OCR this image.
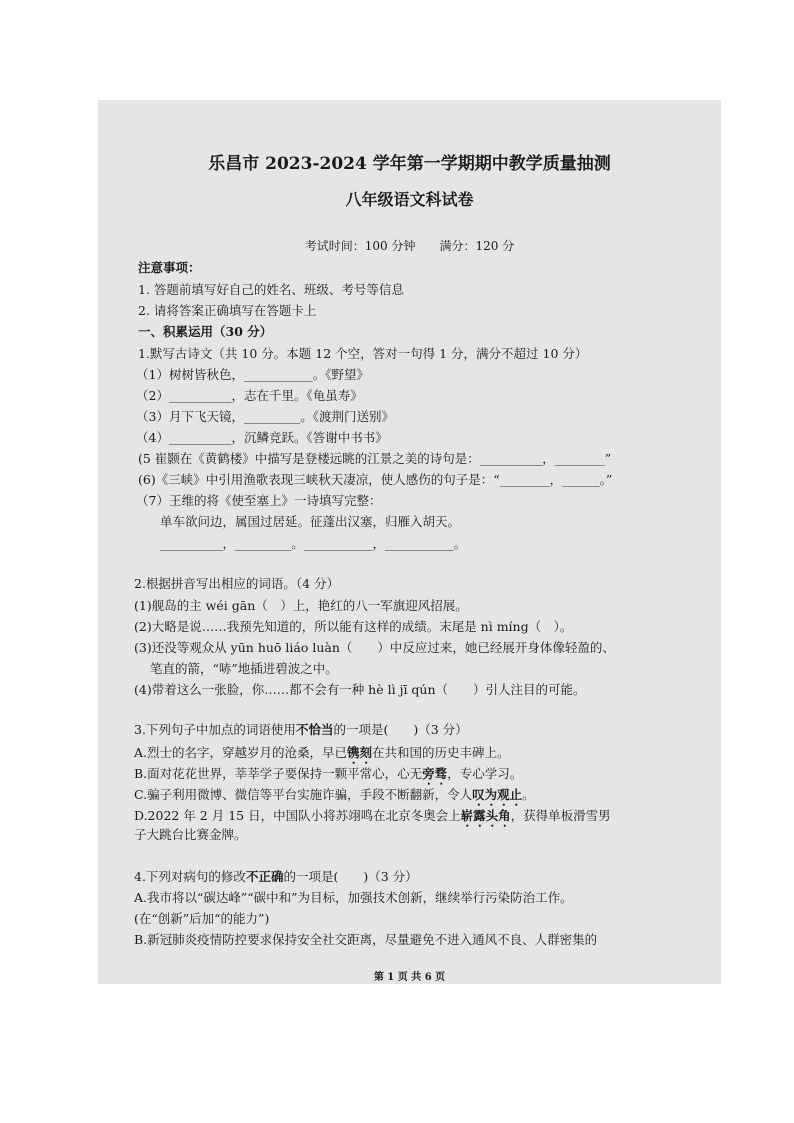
乐昌市 2023-2024 学年第一学期期中教学质量抽测
八年级语文科试卷
考试时间：100 分钟　　满分：120 分
注意事项：
1. 答题前填写好自己的姓名、班级、考号等信息
2. 请将答案正确填写在答题卡上
一、积累运用（30 分）
1.默写古诗文（共 10 分。本题 12 个空，答对一句得 1 分，满分不超过 10 分）
（1）树树皆秋色，___________。《野望》
（2）__________，志在千里。《龟虽寿》
（3）月下飞天镜，_________。《渡荆门送别》
（4）__________，沉鳞竞跃。《答谢中书书》
(5 崔颢在《黄鹤楼》中描写是登楼远眺的江景之美的诗句是：__________，________”
(6)《三峡》中引用渔歌表现三峡秋天凄凉，使人感伤的句子是：“________，______。”
（7）王维的将《使至塞上》一诗填写完整：
单车欲问边，属国过居延。征蓬出汉塞，归雁入胡天。
__________，_________。___________，___________。
2.根据拼音写出相应的词语。（4 分）
(1)舰岛的主 wéi gān（　）上，艳红的八一军旗迎风招展。
(2)大略是说……我预先知道的，所以能有这样的成绩。末尾是 nì míng（　）。
(3)还没等观众从 yūn huō liáo luàn（　　）中反应过来，她已经展开身体像轻盈的、
笔直的箭，“哧”地插进碧波之中。
(4)带着这么一张脸，你……都不会有一种 hè lì jī qún（　　）引人注目的可能。
3.下列句子中加点的词语使用不恰当的一项是(　　)（3 分）
A.烈士的名字，穿越岁月的沧桑，早已镌刻在共和国的历史丰碑上。
B.面对花花世界，莘莘学子要保持一颗平常心，心无旁骛，专心学习。
C.骗子利用微博、微信等平台实施诈骗，手段不断翻新，令人叹为观止。
D.2022 年 2 月 15 日，中国队小将苏翊鸣在北京冬奥会上崭露头角，获得单板滑雪男
子大跳台比赛金牌。
4.下列对病句的修改不正确的一项是(　　)（3 分）
A.我市将以“碳达峰”“碳中和”为目标，加强技术创新，继续举行污染防治工作。
(在“创新”后加“的能力”)
B.新冠肺炎疫情防控要求保持安全社交距离，尽量避免不进入通风不良、人群密集的
第 1 页 共 6 页
